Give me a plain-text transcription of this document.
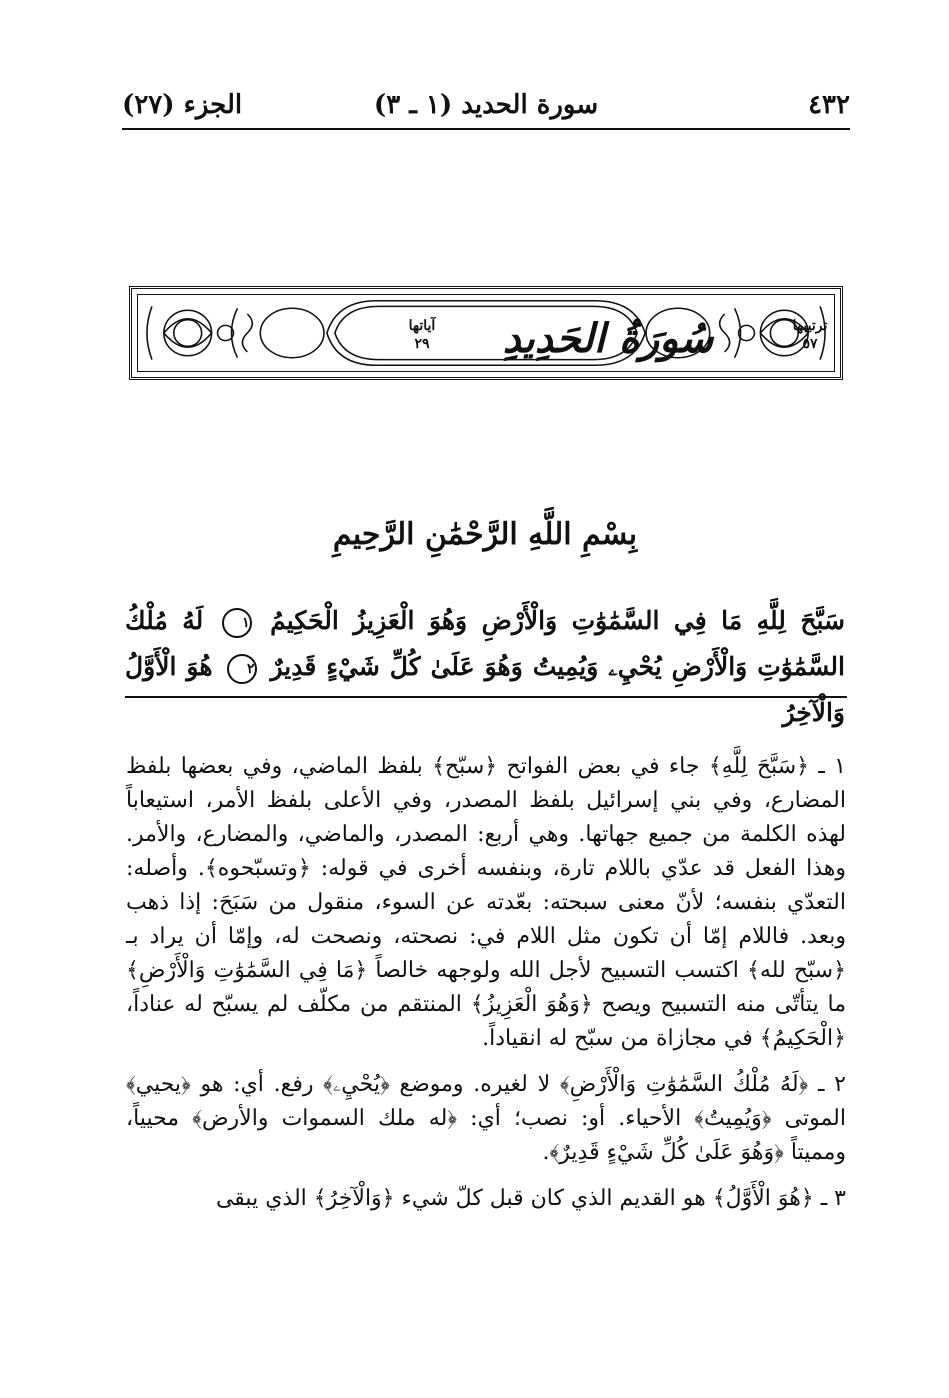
٤٣٢
سورة الحديد (١ ـ ٣)
الجزء (٢٧)
ترتيبها
٥٧
آياتها
٢٩	سُورَةُ الحَدِيدِ
بِسْمِ اللَّهِ الرَّحْمَٰنِ الرَّحِيمِ
سَبَّحَ لِلَّهِ مَا فِي السَّمَٰوَٰتِ وَالْأَرْضِ وَهُوَ الْعَزِيزُ الْحَكِيمُ ١ لَهُ مُلْكُ السَّمَٰوَٰتِ وَالْأَرْضِ يُحْيِۦ وَيُمِيتُ وَهُوَ عَلَىٰ كُلِّ شَيْءٍ قَدِيرٌ ٢ هُوَ الْأَوَّلُ وَالْآخِرُ

١ ـ ﴿سَبَّحَ لِلَّهِ﴾ جاء في بعض الفواتح ﴿سبّح﴾ بلفظ الماضي، وفي بعضها بلفظ المضارع، وفي بني إسرائيل بلفظ المصدر، وفي الأعلى بلفظ الأمر، استيعاباً لهذه الكلمة من جميع جهاتها. وهي أربع: المصدر، والماضي، والمضارع، والأمر. وهذا الفعل قد عدّي باللام تارة، وبنفسه أخرى في قوله: ﴿وتسبّحوه﴾. وأصله: التعدّي بنفسه؛ لأنّ معنى سبحته: بعّدته عن السوء، منقول من سَبَحَ: إذا ذهب وبعد. فاللام إمّا أن تكون مثل اللام في: نصحته، ونصحت له، وإمّا أن يراد بـ ﴿سبّح لله﴾ اكتسب التسبيح لأجل الله ولوجهه خالصاً ﴿مَا فِي السَّمَٰوَٰتِ وَالْأَرْضِ﴾ ما يتأتّى منه التسبيح ويصح ﴿وَهُوَ الْعَزِيزُ﴾ المنتقم من مكلّف لم يسبّح له عناداً، ﴿الْحَكِيمُ﴾ في مجازاة من سبّح له انقياداً.

٢ ـ ﴿لَهُ مُلْكُ السَّمَٰوَٰتِ وَالْأَرْضِ﴾ لا لغيره. وموضع ﴿يُحْيِۦ﴾ رفع. أي: هو ﴿يحيي﴾ الموتى ﴿وَيُمِيتُ﴾ الأحياء. أو: نصب؛ أي: ﴿له ملك السموات والأرض﴾ محيياً، ومميتاً ﴿وَهُوَ عَلَىٰ كُلِّ شَيْءٍ قَدِيرٌ﴾.

٣ ـ ﴿هُوَ الْأَوَّلُ﴾ هو القديم الذي كان قبل كلّ شيء ﴿وَالْآخِرُ﴾ الذي يبقى
